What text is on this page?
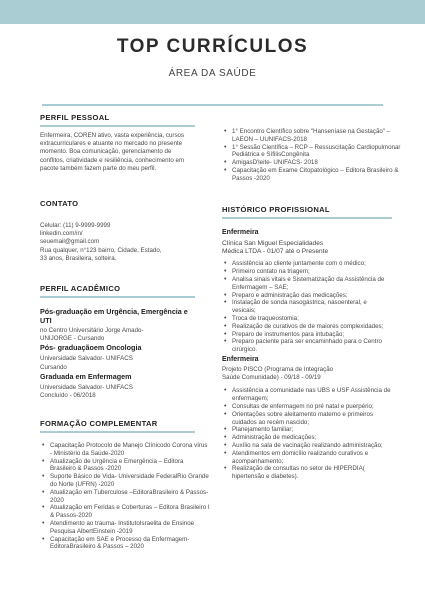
TOP CURRÍCULOS
ÁREA DA SAÚDE
PERFIL PESSOAL
Enfermeira, COREN ativo, vasta experiência, cursos extracurriculares e atuante no mercado no presente momento. Boa comunicação, gerenciamento de conflitos, criatividade e resiliência, conhecimento em pacote também fazem parte do meu perfil.
CONTATO
Celular: (11) 9-9999-9999
linkedin.com/in/
seuemail@gmail.com
Rua qualquer, n°123 bairro, Cidade, Estado,
33 anos, Brasileira, solteira.
PERFIL ACADÊMICO
Pós-graduação em Urgência, Emergência e UTI
no Centro Universitário Jorge Amado-
UNIJORGE - Cursando
Pós- graduaçãoem Oncologia
Universidade Salvador- UNIFACS
Cursando
Graduada em Enfermagem
Universidade Salvador- UNIFACS
Concluído - 06/2018
FORMAÇÃO COMPLEMENTAR
• Capacitação Protocolo de Manejo Clínicodo Corona vírus - Ministério da Saúde-2020
• Atualização de Urgência e Emergência – Editora Brasileiro & Passos -2020
• Suporte Básico de Vida- Universidade FederalRio Grande do Norte (UFRN) -2020
• Atualização em Tuberculose –EditoraBrasileiro & Passos-2020
• Atualização em Feridas e Coberturas – Editora Brasileiro I & Passos-2020
• Atendimento ao trauma- InstitutoIsraelita de Ensinoe Pesquisa AlbertEinstein -2019
• Capacitação em SAE e Processo da Enfermagem- EditoraBrasileiro & Passos – 2020
• 1° Encontro Científico sobre "Hanseníase na Gestação" – LAEON – UUNIFACS-2018
• 1° Sessão Científica – RCP – Ressuscitação Cardiopulmonar Pediátrica e SífilisCongênita
• AmigasD'leite- UNIFACS- 2018
• Capacitação em Exame Citopatológico – Editora Brasileiro & Passos -2020
HISTÓRICO PROFISSIONAL
Enfermeira
Clínica San Miguel Especialidades
Médica LTDA - 01/07 até o Presente
• Assistência ao cliente juntamente com o médico;
• Primeiro contato na triagem;
• Analisa sinais vitais e Sistematização da Assistência de Enfermagem – SAE;
• Preparo e administração das medicações;
• Instalação de sonda nasogástrica, nasoenteral, e vesicais;
• Troca de traqueostomia;
• Realização de curativos de de maiores complexidades;
• Preparo de instrumentos para intubação;
• Preparo paciente para ser encaminhado para o Centro cirúrgico.
Enfermeira
Projeto PISCO (Programa de Integração
Saúde Comunidade) - 09/18 - 09/19
• Assistência a comunidade nas UBS e USF Assistência de enfermagem;
• Consultas de enfermagem no pré natal e puerpério;
• Orientações sobre aleitamento materno e primeiros cuidados ao recém nascido;
• Planejamento familiar;
• Administração de medicações;
• Auxílio na sala de vacinação realizando administração;
• Atendimentos em domicílio realizando curativos e acompanhamento;
• Realização de consultas no setor de HIPERDIA( hipertensão e diabetes).
